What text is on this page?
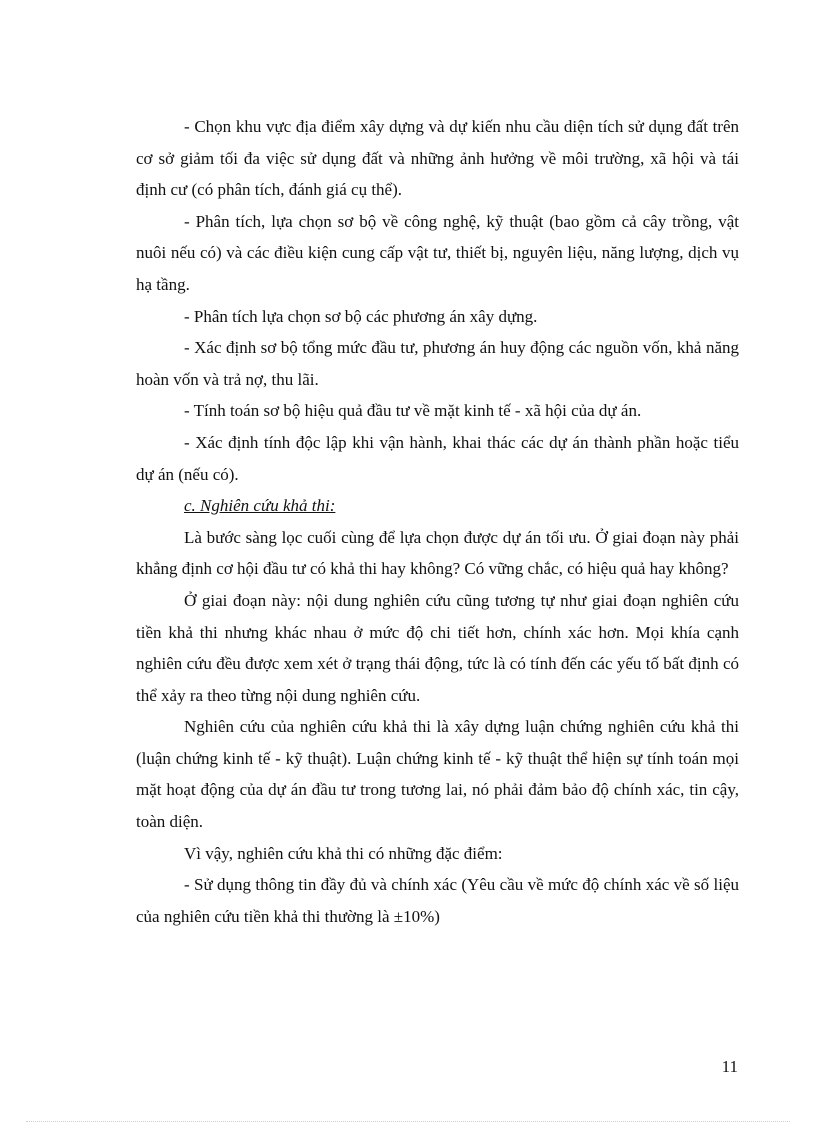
- Chọn khu vực địa điểm xây dựng và dự kiến nhu cầu diện tích sử dụng đất trên cơ sở giảm tối đa việc sử dụng đất và những ảnh hưởng về môi trường, xã hội và tái định cư (có phân tích, đánh giá cụ thể).

- Phân tích, lựa chọn sơ bộ về công nghệ, kỹ thuật (bao gồm cả cây trồng, vật nuôi nếu có) và các điều kiện cung cấp vật tư, thiết bị, nguyên liệu, năng lượng, dịch vụ hạ tầng.

- Phân tích lựa chọn sơ bộ các phương án xây dựng.

- Xác định sơ bộ tổng mức đầu tư, phương án huy động các nguồn vốn, khả năng hoàn vốn và trả nợ, thu lãi.

- Tính toán sơ bộ hiệu quả đầu tư về mặt kinh tế - xã hội của dự án.

- Xác định tính độc lập khi vận hành, khai thác các dự án thành phần hoặc tiểu dự án (nếu có).

c. Nghiên cứu khả thi:

Là bước sàng lọc cuối cùng để lựa chọn được dự án tối ưu. Ở giai đoạn này phải khẳng định cơ hội đầu tư có khả thi hay không? Có vững chắc, có hiệu quả hay không?

Ở giai đoạn này: nội dung nghiên cứu cũng tương tự như giai đoạn nghiên cứu tiền khả thi nhưng khác nhau ở mức độ chi tiết hơn, chính xác hơn. Mọi khía cạnh nghiên cứu đều được xem xét ở trạng thái động, tức là có tính đến các yếu tố bất định có thể xảy ra theo từng nội dung nghiên cứu.

Nghiên cứu của nghiên cứu khả thi là xây dựng luận chứng nghiên cứu khả thi (luận chứng kinh tế - kỹ thuật). Luận chứng kinh tế - kỹ thuật thể hiện sự tính toán mọi mặt hoạt động của dự án đầu tư trong tương lai, nó phải đảm bảo độ chính xác, tin cậy, toàn diện.

Vì vậy, nghiên cứu khả thi có những đặc điểm:

- Sử dụng thông tin đầy đủ và chính xác (Yêu cầu về mức độ chính xác về số liệu của nghiên cứu tiền khả thi thường là ±10%)

11
